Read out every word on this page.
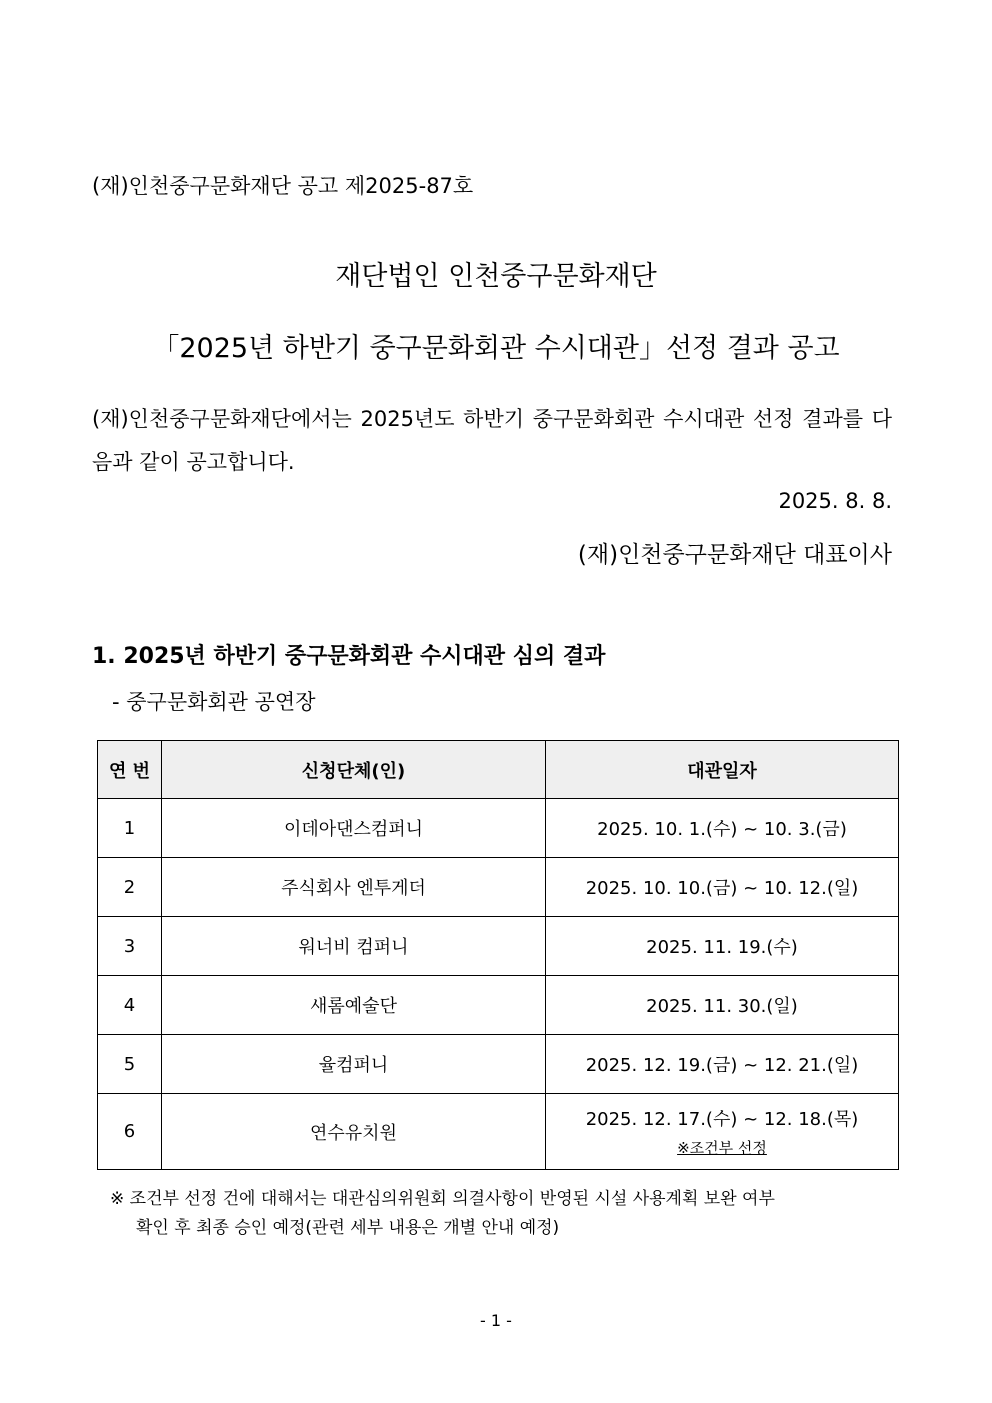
(재)인천중구문화재단 공고 제2025-87호
재단법인 인천중구문화재단
「2025년 하반기 중구문화회관 수시대관」선정 결과 공고
(재)인천중구문화재단에서는 2025년도 하반기 중구문화회관 수시대관 선정 결과를 다음과 같이 공고합니다.
2025. 8. 8.
(재)인천중구문화재단 대표이사
1. 2025년 하반기 중구문화회관 수시대관 심의 결과
- 중구문화회관 공연장
연 번	신청단체(인)	대관일자
1	이데아댄스컴퍼니	2025. 10. 1.(수) ~ 10. 3.(금)
2	주식회사 엔투게더	2025. 10. 10.(금) ~ 10. 12.(일)
3	워너비 컴퍼니	2025. 11. 19.(수)
4	새롬예술단	2025. 11. 30.(일)
5	율컴퍼니	2025. 12. 19.(금) ~ 12. 21.(일)
6	연수유치원	2025. 12. 17.(수) ~ 12. 18.(목)
※조건부 선정
※ 조건부 선정 건에 대해서는 대관심의위원회 의결사항이 반영된 시설 사용계획 보완 여부
확인 후 최종 승인 예정(관련 세부 내용은 개별 안내 예정)
- 1 -
